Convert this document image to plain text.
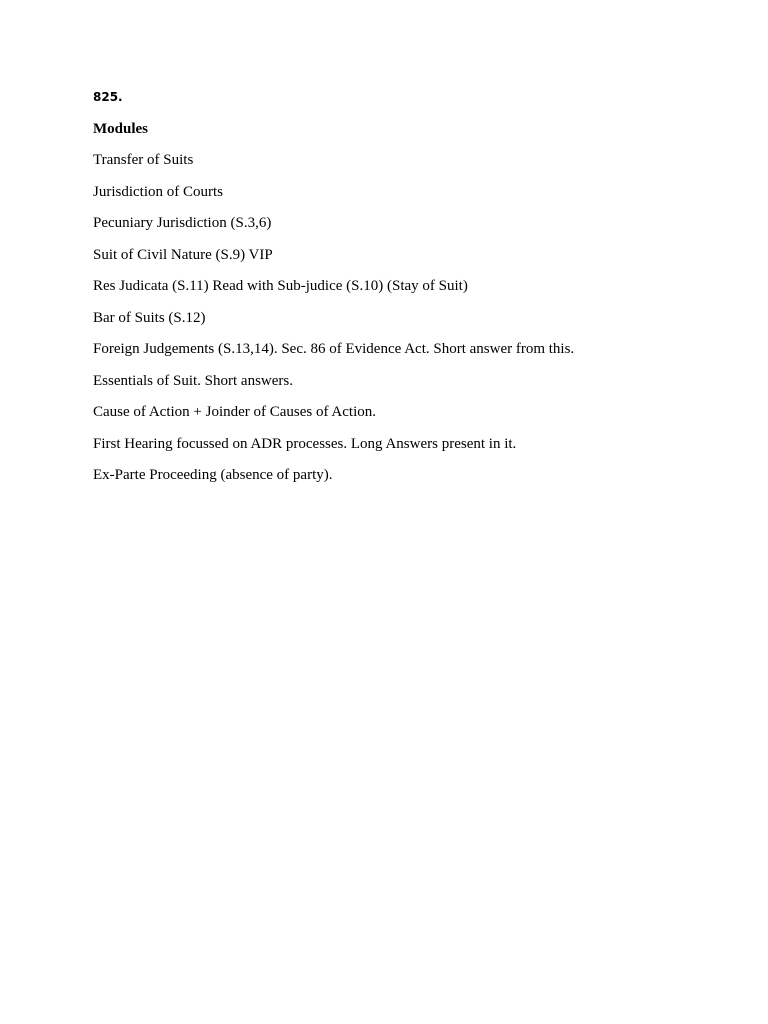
825.
Modules
Transfer of Suits
Jurisdiction of Courts
Pecuniary Jurisdiction (S.3,6)
Suit of Civil Nature (S.9) VIP
Res Judicata (S.11) Read with Sub-judice (S.10) (Stay of Suit)
Bar of Suits (S.12)
Foreign Judgements (S.13,14). Sec. 86 of Evidence Act. Short answer from this.
Essentials of Suit. Short answers.
Cause of Action + Joinder of Causes of Action.
First Hearing focussed on ADR processes. Long Answers present in it.
Ex-Parte Proceeding (absence of party).
